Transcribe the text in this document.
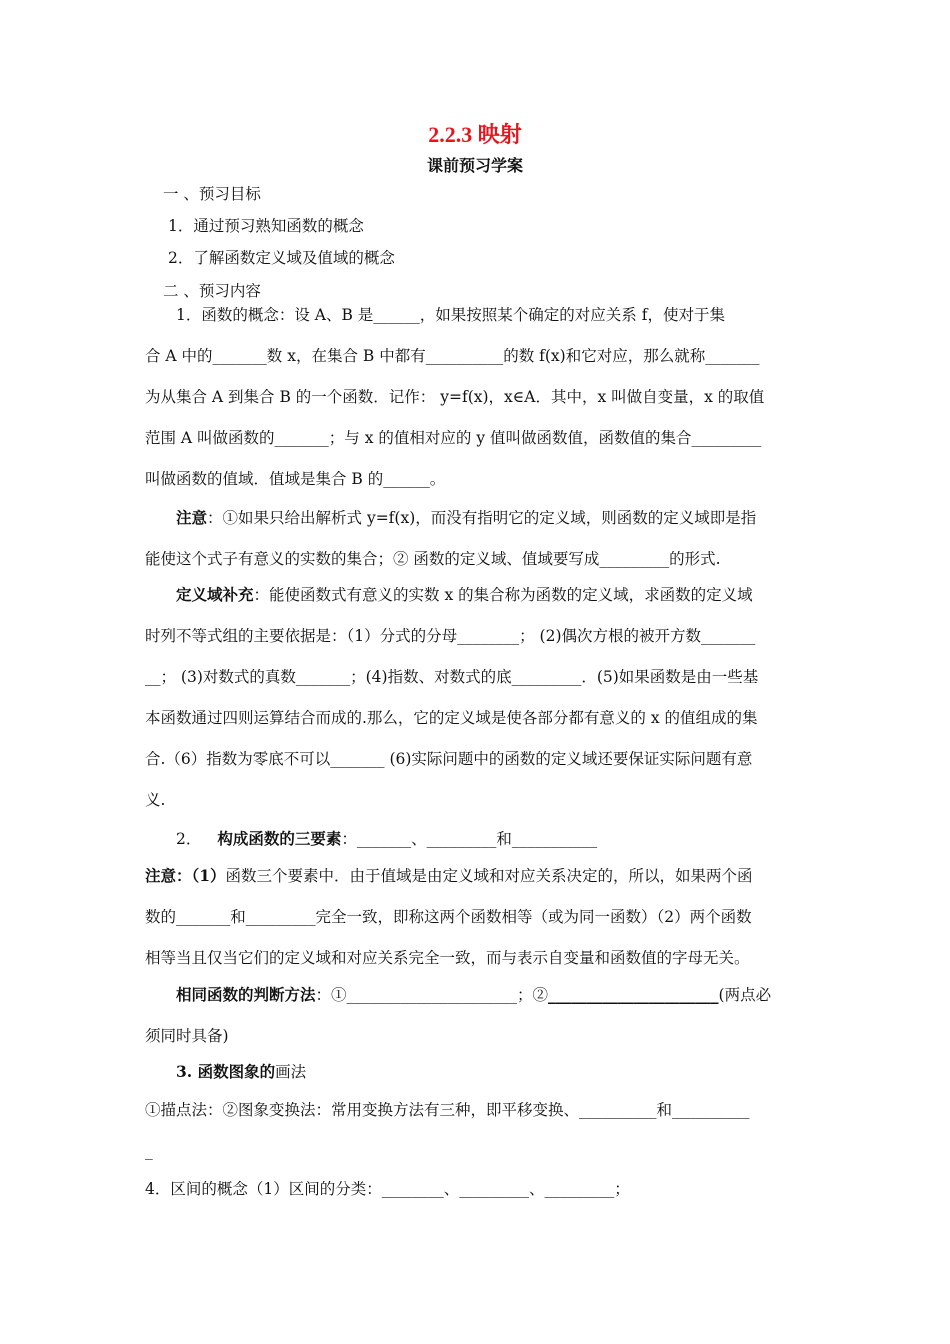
2.2.3 映射
课前预习学案
一 、预习目标
1．通过预习熟知函数的概念
2．了解函数定义域及值域的概念
二 、预习内容
1．函数的概念：设 A、B 是______，如果按照某个确定的对应关系 f，使对于集
合 A 中的_______数 x，在集合 B 中都有__________的数 f(x)和它对应，那么就称_______
为从集合 A 到集合 B 的一个函数．记作： y=f(x)，x∈A．其中，x 叫做自变量，x 的取值
范围 A 叫做函数的_______；与 x 的值相对应的 y 值叫做函数值，函数值的集合_________
叫做函数的值域．值域是集合 B 的______。
注意：①如果只给出解析式 y=f(x)，而没有指明它的定义域，则函数的定义域即是指
能使这个式子有意义的实数的集合；② 函数的定义域、值域要写成_________的形式.
定义域补充：能使函数式有意义的实数 x 的集合称为函数的定义域，求函数的定义域
时列不等式组的主要依据是：（1）分式的分母________； (2)偶次方根的被开方数_______
__； (3)对数式的真数_______；(4)指数、对数式的底_________．(5)如果函数是由一些基
本函数通过四则运算结合而成的.那么，它的定义域是使各部分都有意义的 x 的值组成的集
合.（6）指数为零底不可以_______ (6)实际问题中的函数的定义域还要保证实际问题有意
义.
2． 构成函数的三要素：_______、_________和___________
注意：（1）函数三个要素中．由于值域是由定义域和对应关系决定的，所以，如果两个函
数的_______和_________完全一致，即称这两个函数相等（或为同一函数）（2）两个函数
相等当且仅当它们的定义域和对应关系完全一致，而与表示自变量和函数值的字母无关。
相同函数的判断方法：①______________________；②______________________(两点必
须同时具备)
3. 函数图象的画法
①描点法：②图象变换法：常用变换方法有三种，即平移变换、__________和__________
_
4．区间的概念（1）区间的分类：________、_________、_________；
